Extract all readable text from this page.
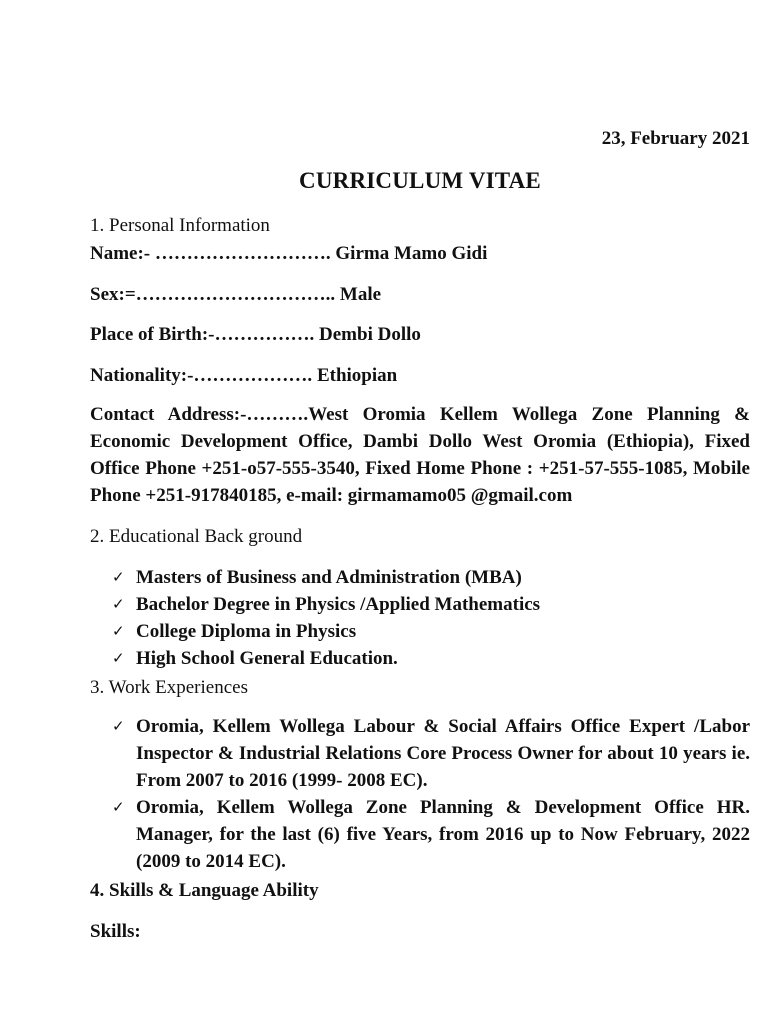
23, February 2021
CURRICULUM VITAE
1. Personal Information
Name:- ………………………. Girma Mamo Gidi
Sex:=………………………….. Male
Place of Birth:-……………. Dembi Dollo
Nationality:-………………. Ethiopian
Contact Address:-……….West Oromia Kellem Wollega Zone Planning & Economic Development Office, Dambi Dollo West Oromia (Ethiopia), Fixed Office Phone +251-o57-555-3540, Fixed Home Phone : +251-57-555-1085, Mobile Phone +251-917840185, e-mail: girmamamo05 @gmail.com
2. Educational Back ground
✓ Masters of Business and Administration (MBA)
✓ Bachelor Degree in Physics /Applied Mathematics
✓ College Diploma in Physics
✓ High School General Education.
3. Work Experiences
✓ Oromia, Kellem Wollega Labour & Social Affairs Office Expert /Labor Inspector & Industrial Relations Core Process Owner for about 10 years ie. From 2007 to 2016 (1999- 2008 EC).
✓ Oromia, Kellem Wollega Zone Planning & Development Office HR. Manager, for the last (6) five Years, from 2016 up to Now February, 2022 (2009 to 2014 EC).
4. Skills & Language Ability
Skills:
